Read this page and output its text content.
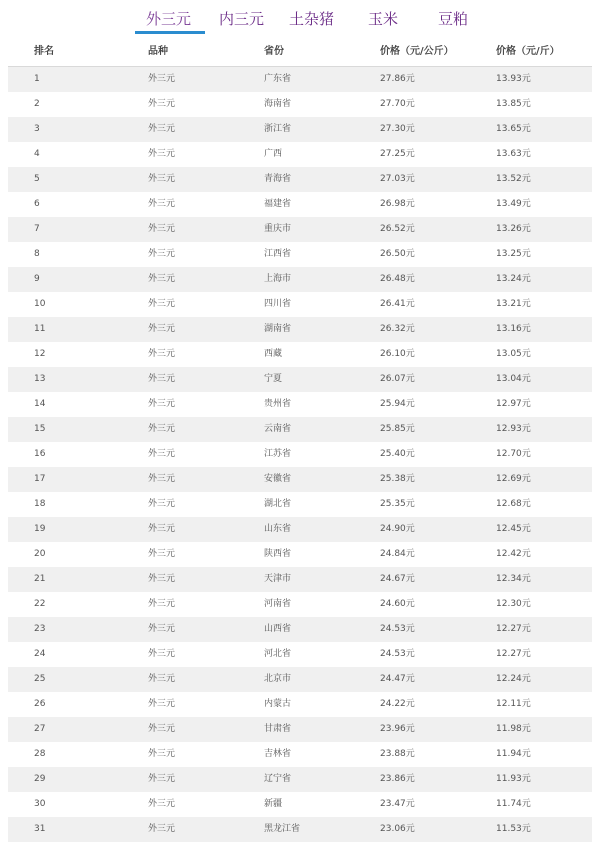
外三元 内三元 土杂猪 玉米	豆粕
排名	品种	省份	价格（元/公斤）	价格（元/斤）
1	外三元	广东省	27.86元	13.93元
2	外三元	海南省	27.70元	13.85元
3	外三元	浙江省	27.30元	13.65元
4	外三元	广西	27.25元	13.63元
5	外三元	青海省	27.03元	13.52元
6	外三元	福建省	26.98元	13.49元
7	外三元	重庆市	26.52元	13.26元
8	外三元	江西省	26.50元	13.25元
9	外三元	上海市	26.48元	13.24元
10	外三元	四川省	26.41元	13.21元
11	外三元	湖南省	26.32元	13.16元
12	外三元	西藏	26.10元	13.05元
13	外三元	宁夏	26.07元	13.04元
14	外三元	贵州省	25.94元	12.97元
15	外三元	云南省	25.85元	12.93元
16	外三元	江苏省	25.40元	12.70元
17	外三元	安徽省	25.38元	12.69元
18	外三元	湖北省	25.35元	12.68元
19	外三元	山东省	24.90元	12.45元
20	外三元	陕西省	24.84元	12.42元
21	外三元	天津市	24.67元	12.34元
22	外三元	河南省	24.60元	12.30元
23	外三元	山西省	24.53元	12.27元
24	外三元	河北省	24.53元	12.27元
25	外三元	北京市	24.47元	12.24元
26	外三元	内蒙古	24.22元	12.11元
27	外三元	甘肃省	23.96元	11.98元
28	外三元	吉林省	23.88元	11.94元
29	外三元	辽宁省	23.86元	11.93元
30	外三元	新疆	23.47元	11.74元
31	外三元	黑龙江省	23.06元	11.53元
